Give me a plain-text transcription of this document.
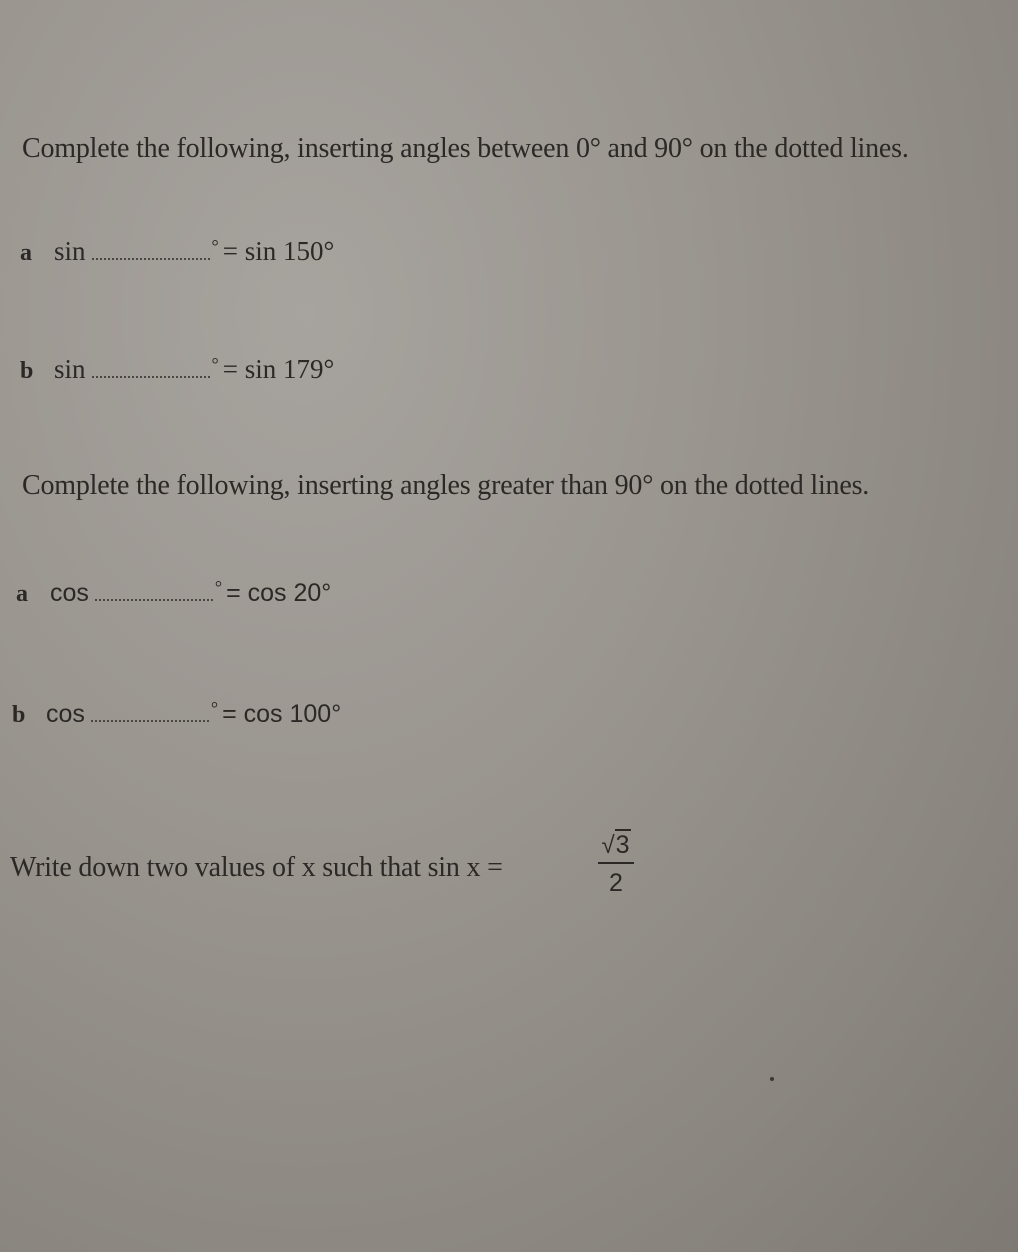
Complete the following, inserting angles between 0° and 90° on the dotted lines.
a sin	° = sin 150°
b sin	° = sin 179°
Complete the following, inserting angles greater than 90° on the dotted lines.
a cos	° = cos 20°
b cos	° = cos 100°
Write down two values of x such that sin x =
√3
2
